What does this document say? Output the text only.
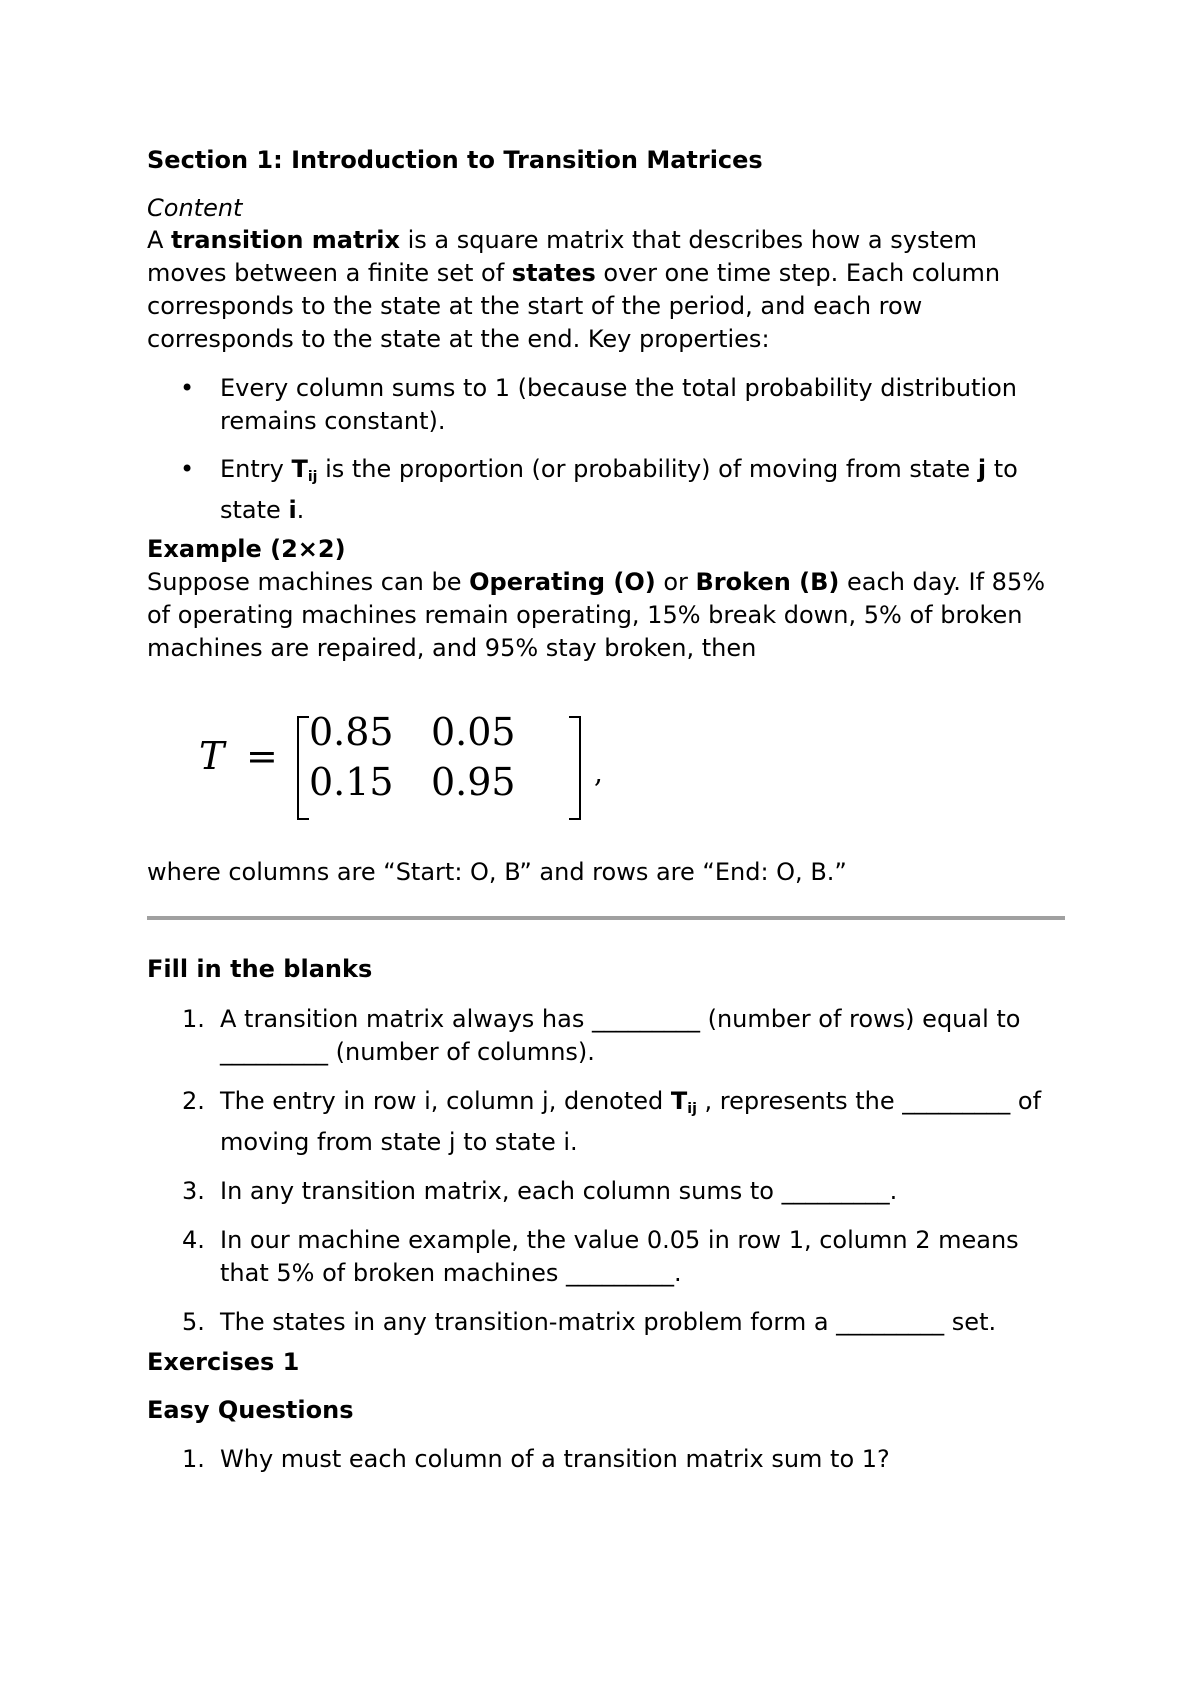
Section 1: Introduction to Transition Matrices
Content
A transition matrix is a square matrix that describes how a system moves between a finite set of states over one time step. Each column corresponds to the state at the start of the period, and each row corresponds to the state at the end. Key properties:
• Every column sums to 1 (because the total probability distribution remains constant).
• Entry $T_{ij}$ is the proportion (or probability) of moving from state j to state i.
Example (2×2)
Suppose machines can be Operating (O) or Broken (B) each day. If 85% of operating machines remain operating, 15% break down, 5% of broken machines are repaired, and 95% stay broken, then
T =
0.85 0.05
0.15 0.95	,
where columns are “Start: O, B” and rows are “End: O, B.”
Fill in the blanks
1. A transition matrix always has _________ (number of rows) equal to _________ (number of columns).
2. The entry in row i, column j, denoted $T_{ij}$ , represents the _________ of moving from state j to state i.
3. In any transition matrix, each column sums to _________.
4. In our machine example, the value 0.05 in row 1, column 2 means that 5% of broken machines _________.
5. The states in any transition-matrix problem form a _________ set.
Exercises 1
Easy Questions
1. Why must each column of a transition matrix sum to 1?
